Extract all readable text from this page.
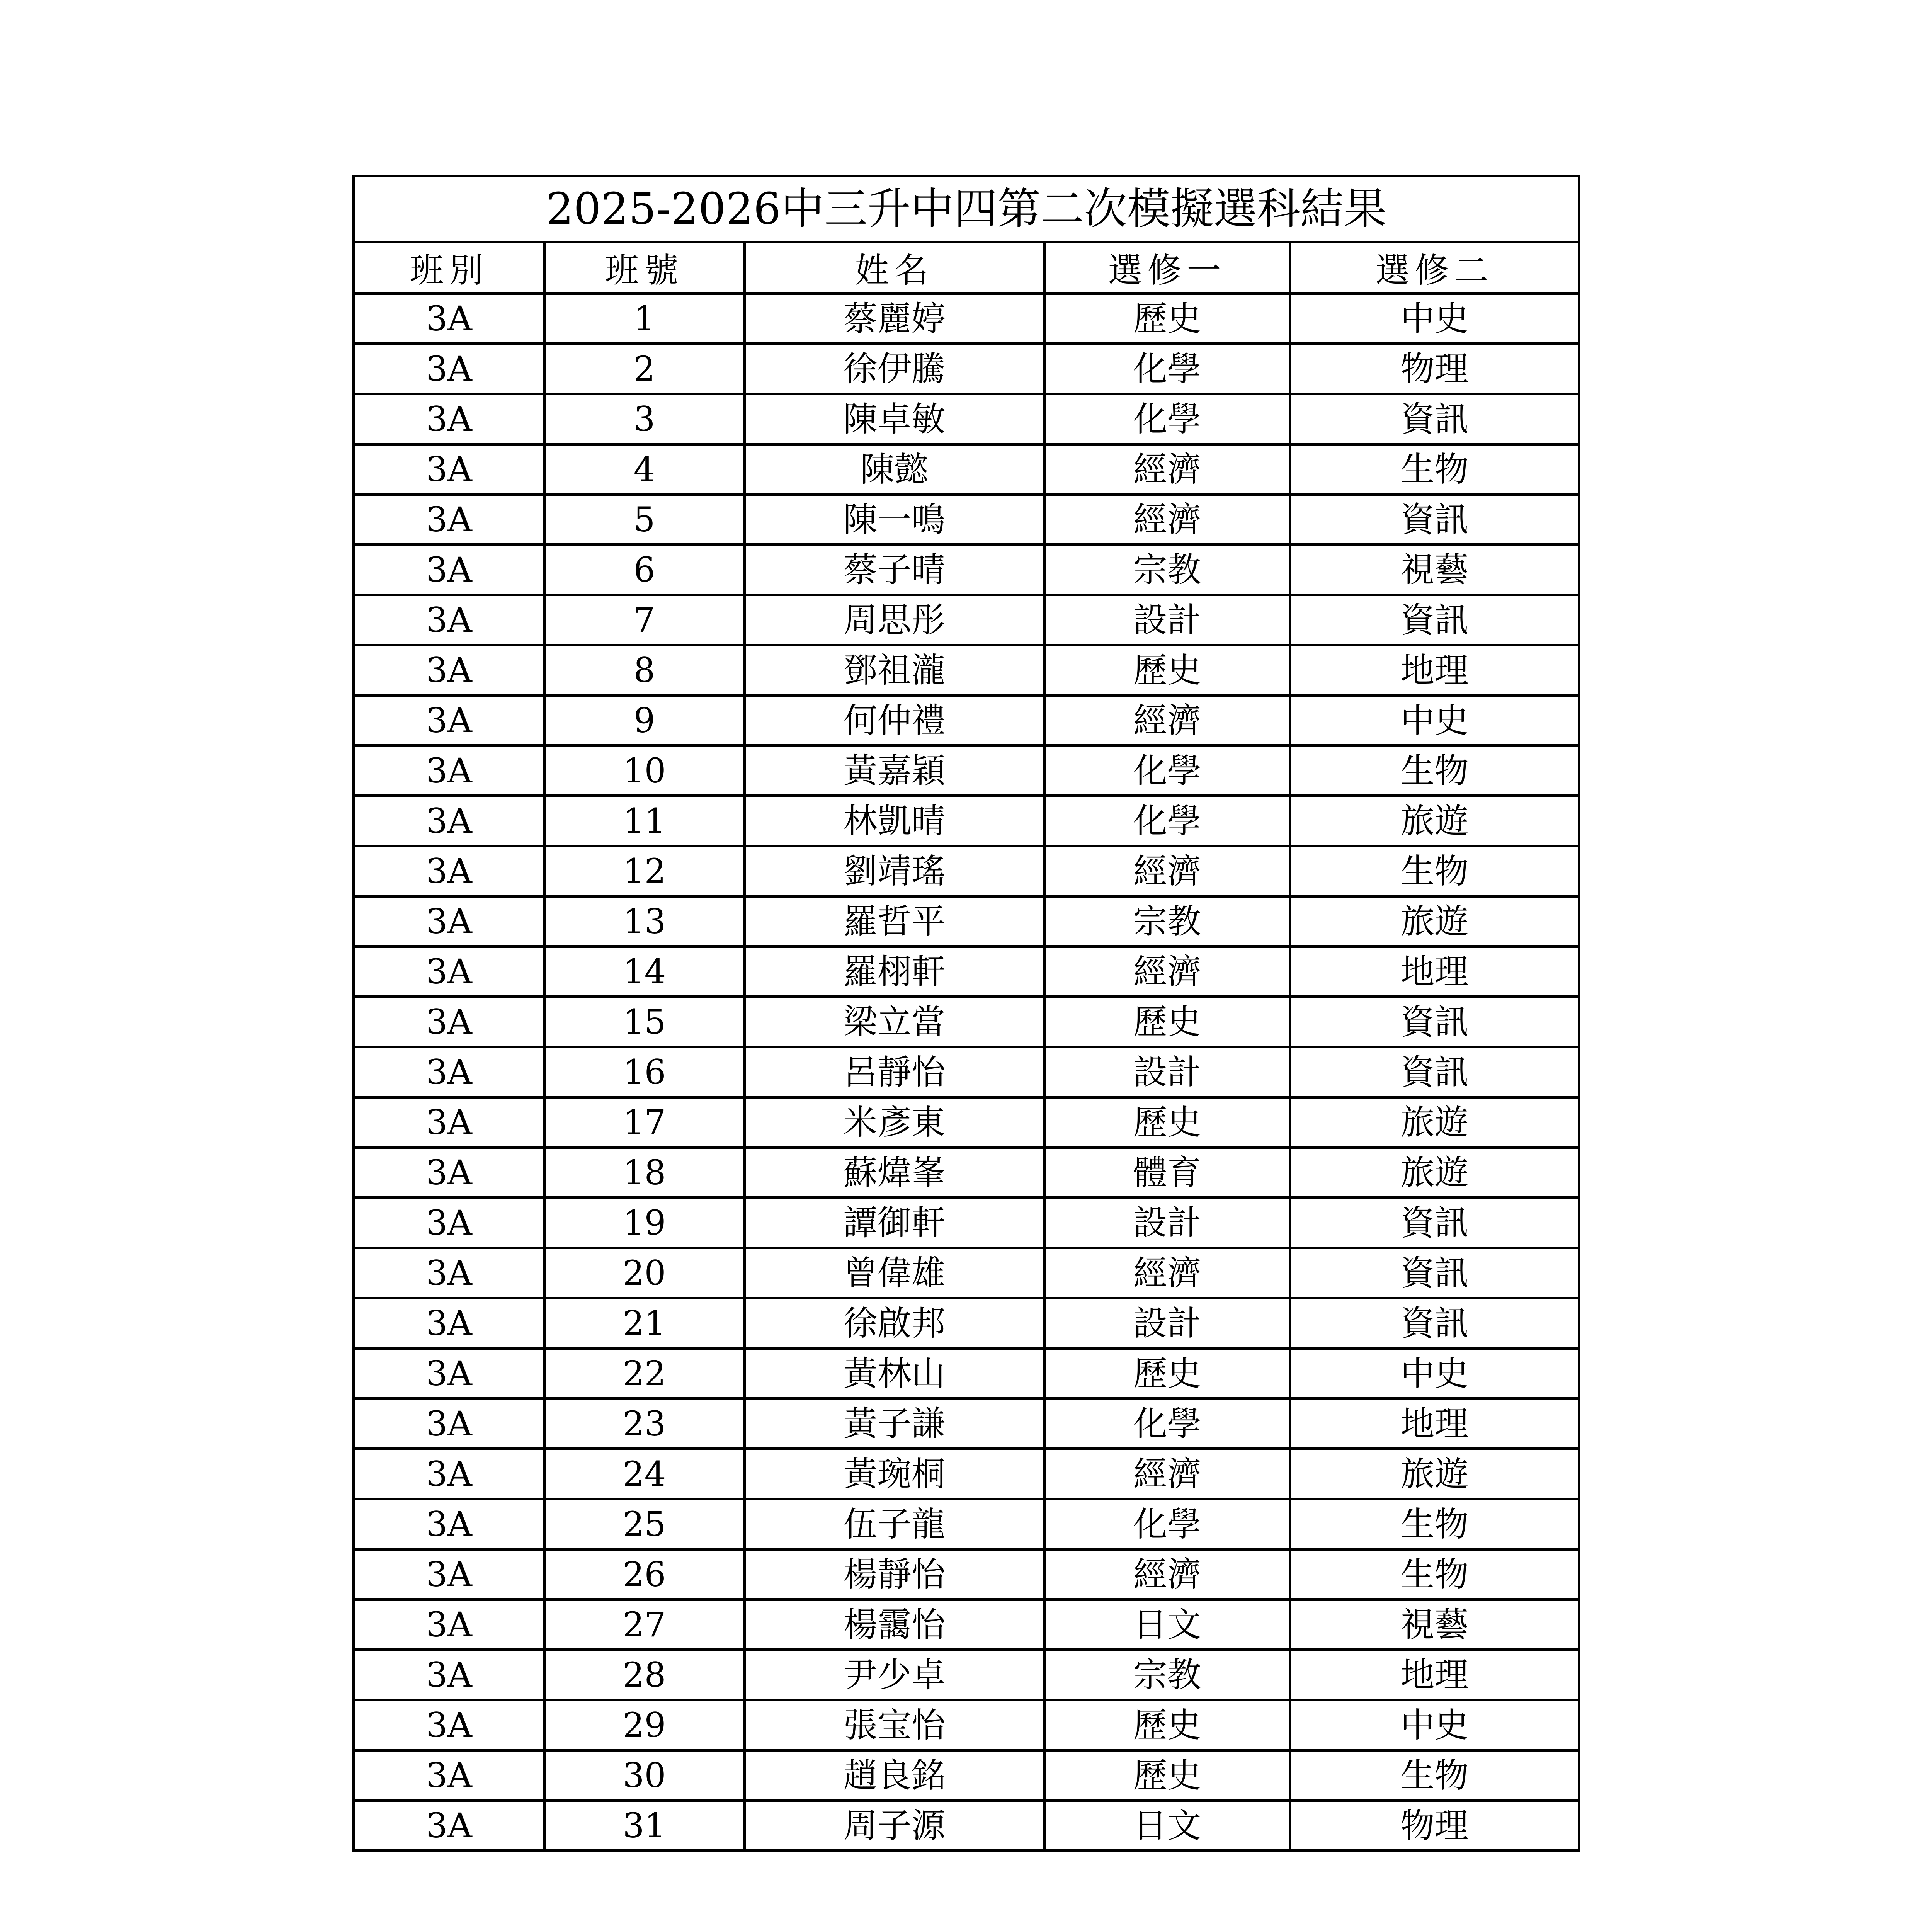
2025-2026中三升中四第二次模擬選科結果				
班別	班號	姓名	選修一	選修二
3A	1	蔡麗婷	歷史	中史
3A	2	徐伊騰	化學	物理
3A	3	陳卓敏	化學	資訊
3A	4	陳懿	經濟	生物
3A	5	陳一鳴	經濟	資訊
3A	6	蔡子晴	宗教	視藝
3A	7	周思彤	設計	資訊
3A	8	鄧祖瀧	歷史	地理
3A	9	何仲禮	經濟	中史
3A	10	黃嘉穎	化學	生物
3A	11	林凱晴	化學	旅遊
3A	12	劉靖瑤	經濟	生物
3A	13	羅哲平	宗教	旅遊
3A	14	羅栩軒	經濟	地理
3A	15	梁立當	歷史	資訊
3A	16	呂靜怡	設計	資訊
3A	17	米彥東	歷史	旅遊
3A	18	蘇煒峯	體育	旅遊
3A	19	譚御軒	設計	資訊
3A	20	曾偉雄	經濟	資訊
3A	21	徐啟邦	設計	資訊
3A	22	黃林山	歷史	中史
3A	23	黃子謙	化學	地理
3A	24	黃琬桐	經濟	旅遊
3A	25	伍子龍	化學	生物
3A	26	楊靜怡	經濟	生物
3A	27	楊靄怡	日文	視藝
3A	28	尹少卓	宗教	地理
3A	29	張宝怡	歷史	中史
3A	30	趙良銘	歷史	生物
3A	31	周子源	日文	物理
